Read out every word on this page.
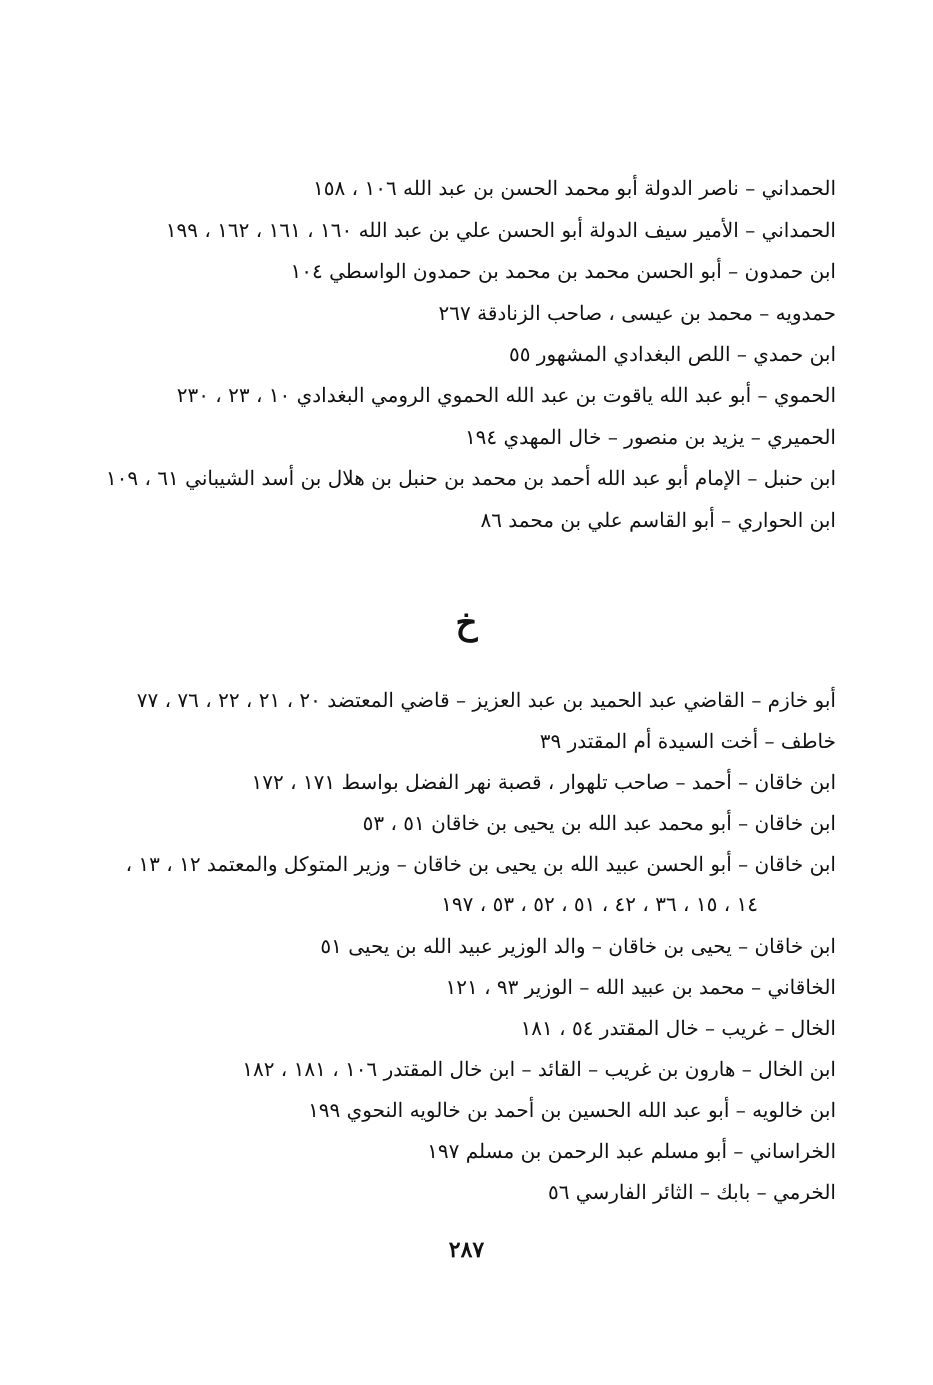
الحمداني – ناصر الدولة أبو محمد الحسن بن عبد الله ١٠٦ ، ١٥٨
الحمداني – الأمير سيف الدولة أبو الحسن علي بن عبد الله ١٦٠ ، ١٦١ ، ١٦٢ ، ١٩٩
ابن حمدون – أبو الحسن محمد بن محمد بن حمدون الواسطي ١٠٤
حمدويه – محمد بن عيسى ، صاحب الزنادقة ٢٦٧
ابن حمدي – اللص البغدادي المشهور ٥٥
الحموي – أبو عبد الله ياقوت بن عبد الله الحموي الرومي البغدادي ١٠ ، ٢٣ ، ٢٣٠
الحميري – يزيد بن منصور – خال المهدي ١٩٤
ابن حنبل – الإمام أبو عبد الله أحمد بن محمد بن حنبل بن هلال بن أسد الشيباني ٦١ ، ١٠٩
ابن الحواري – أبو القاسم علي بن محمد ٨٦
خ
أبو خازم – القاضي عبد الحميد بن عبد العزيز – قاضي المعتضد ٢٠ ، ٢١ ، ٢٢ ، ٧٦ ، ٧٧
خاطف – أخت السيدة أم المقتدر ٣٩
ابن خاقان – أحمد – صاحب تلهوار ، قصبة نهر الفضل بواسط ١٧١ ، ١٧٢
ابن خاقان – أبو محمد عبد الله بن يحيى بن خاقان ٥١ ، ٥٣
ابن خاقان – أبو الحسن عبيد الله بن يحيى بن خاقان – وزير المتوكل والمعتمد ١٢ ، ١٣ ،
١٤ ، ١٥ ، ٣٦ ، ٤٢ ، ٥١ ، ٥٢ ، ٥٣ ، ١٩٧
ابن خاقان – يحيى بن خاقان – والد الوزير عبيد الله بن يحيى ٥١
الخاقاني – محمد بن عبيد الله – الوزير ٩٣ ، ١٢١
الخال – غريب – خال المقتدر ٥٤ ، ١٨١
ابن الخال – هارون بن غريب – القائد – ابن خال المقتدر ١٠٦ ، ١٨١ ، ١٨٢
ابن خالويه – أبو عبد الله الحسين بن أحمد بن خالويه النحوي ١٩٩
الخراساني – أبو مسلم عبد الرحمن بن مسلم ١٩٧
الخرمي – بابك – الثائر الفارسي ٥٦
٢٨٧
